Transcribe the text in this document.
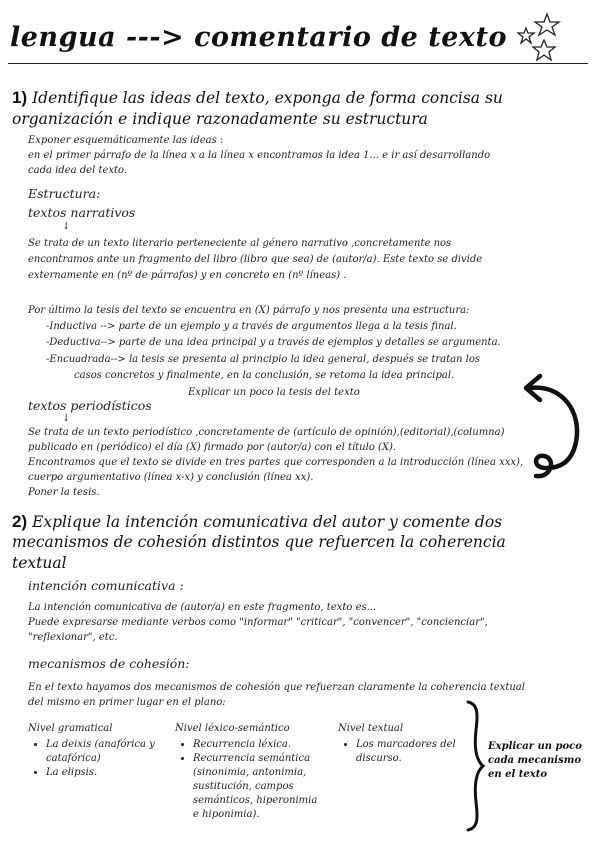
lengua ---> comentario de texto
1) Identifique las ideas del texto, exponga de forma concisa su
organización e indique razonadamente su estructura
Exponer esquemáticamente las ideas :
en el primer párrafo de la línea x a la línea x encontramos la idea 1... e ir así desarrollando
cada idea del texto.
Estructura:
textos narrativos
↓
Se trata de un texto literario perteneciente al género narrativo ,concretamente nos
encontramos ante un fragmento del libro (libro que sea) de (autor/a). Este texto se divide
externamente en (nº de párrafos) y en concreto en (nº líneas) .
Por último la tesis del texto se encuentra en (X) párrafo y nos presenta una estructura:
-Inductiva --> parte de un ejemplo y a través de argumentos llega a la tesis final.
-Deductiva--> parte de una idea principal y a través de ejemplos y detalles se argumenta.
-Encuadrada--> la tesis se presenta al principio la idea general, después se tratan los
casos concretos y finalmente, en la conclusión, se retoma la idea principal.
Explicar un poco la tesis del texto
textos periodísticos
↓
Se trata de un texto periodístico ,concretamente de (artículo de opinión),(editorial),(columna)
publicado en (periódico) el día (X) firmado por (autor/a) con el título (X).
Encontramos que el texto se divide en tres partes que corresponden a la introducción (línea xxx),
cuerpo argumentativo (línea x-x) y conclusión (línea xx).
Poner la tesis.
2) Explique la intención comunicativa del autor y comente dos
mecanismos de cohesión distintos que refuercen la coherencia
textual
intención comunicativa :
La intención comunicativa de (autor/a) en este fragmento, texto es...
Puede expresarse mediante verbos como "informar" "criticar", "convencer", "concienciar",
"reflexionar", etc.
mecanismos de cohesión:
En el texto hayamos dos mecanismos de cohesión que refuerzan claramente la coherencia textual
del mismo en primer lugar en el plano:
Nivel gramatical
• La deixis (anafórica y catafórica)
• La elipsis.
Nivel léxico-semántico
• Recurrencia léxica.
• Recurrencia semántica (sinonimia, antonimia, sustitución, campos semánticos, hiperonimia e hiponimia).
Nivel textual
• Los marcadores del discurso.
Explicar un poco cada mecanismo en el texto
